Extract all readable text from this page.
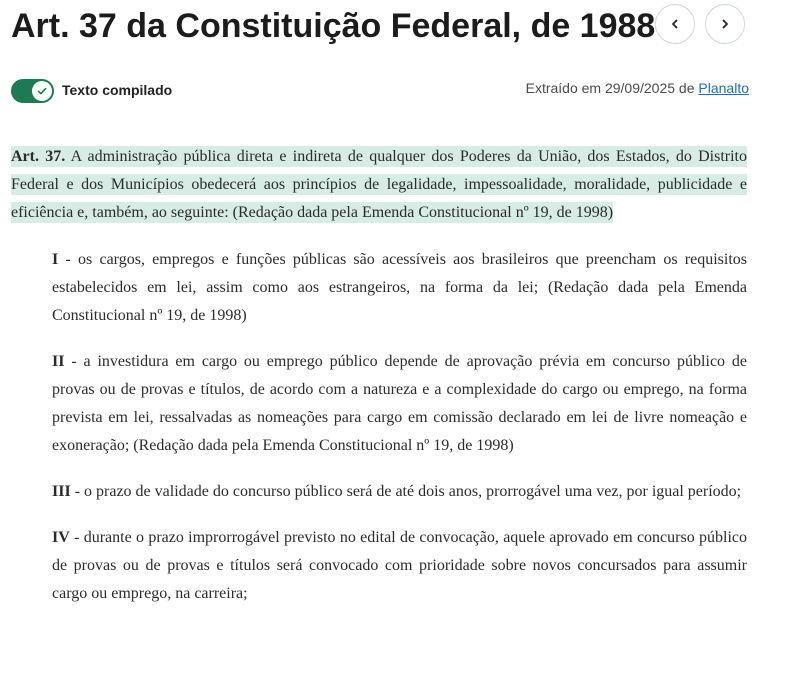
Art. 37 da Constituição Federal, de 1988
Texto compilado	Extraído em 29/09/2025 de Planalto

Art. 37. A administração pública direta e indireta de qualquer dos Poderes da União, dos Estados, do Distrito Federal e dos Municípios obedecerá aos princípios de legalidade, impessoalidade, moralidade, publicidade e eficiência e, também, ao seguinte: (Redação dada pela Emenda Constitucional nº 19, de 1998)

I - os cargos, empregos e funções públicas são acessíveis aos brasileiros que preencham os requisitos estabelecidos em lei, assim como aos estrangeiros, na forma da lei; (Redação dada pela Emenda Constitucional nº 19, de 1998)

II - a investidura em cargo ou emprego público depende de aprovação prévia em concurso público de provas ou de provas e títulos, de acordo com a natureza e a complexidade do cargo ou emprego, na forma prevista em lei, ressalvadas as nomeações para cargo em comissão declarado em lei de livre nomeação e exoneração; (Redação dada pela Emenda Constitucional nº 19, de 1998)

III - o prazo de validade do concurso público será de até dois anos, prorrogável uma vez, por igual período;

IV - durante o prazo improrrogável previsto no edital de convocação, aquele aprovado em concurso público de provas ou de provas e títulos será convocado com prioridade sobre novos concursados para assumir cargo ou emprego, na carreira;
